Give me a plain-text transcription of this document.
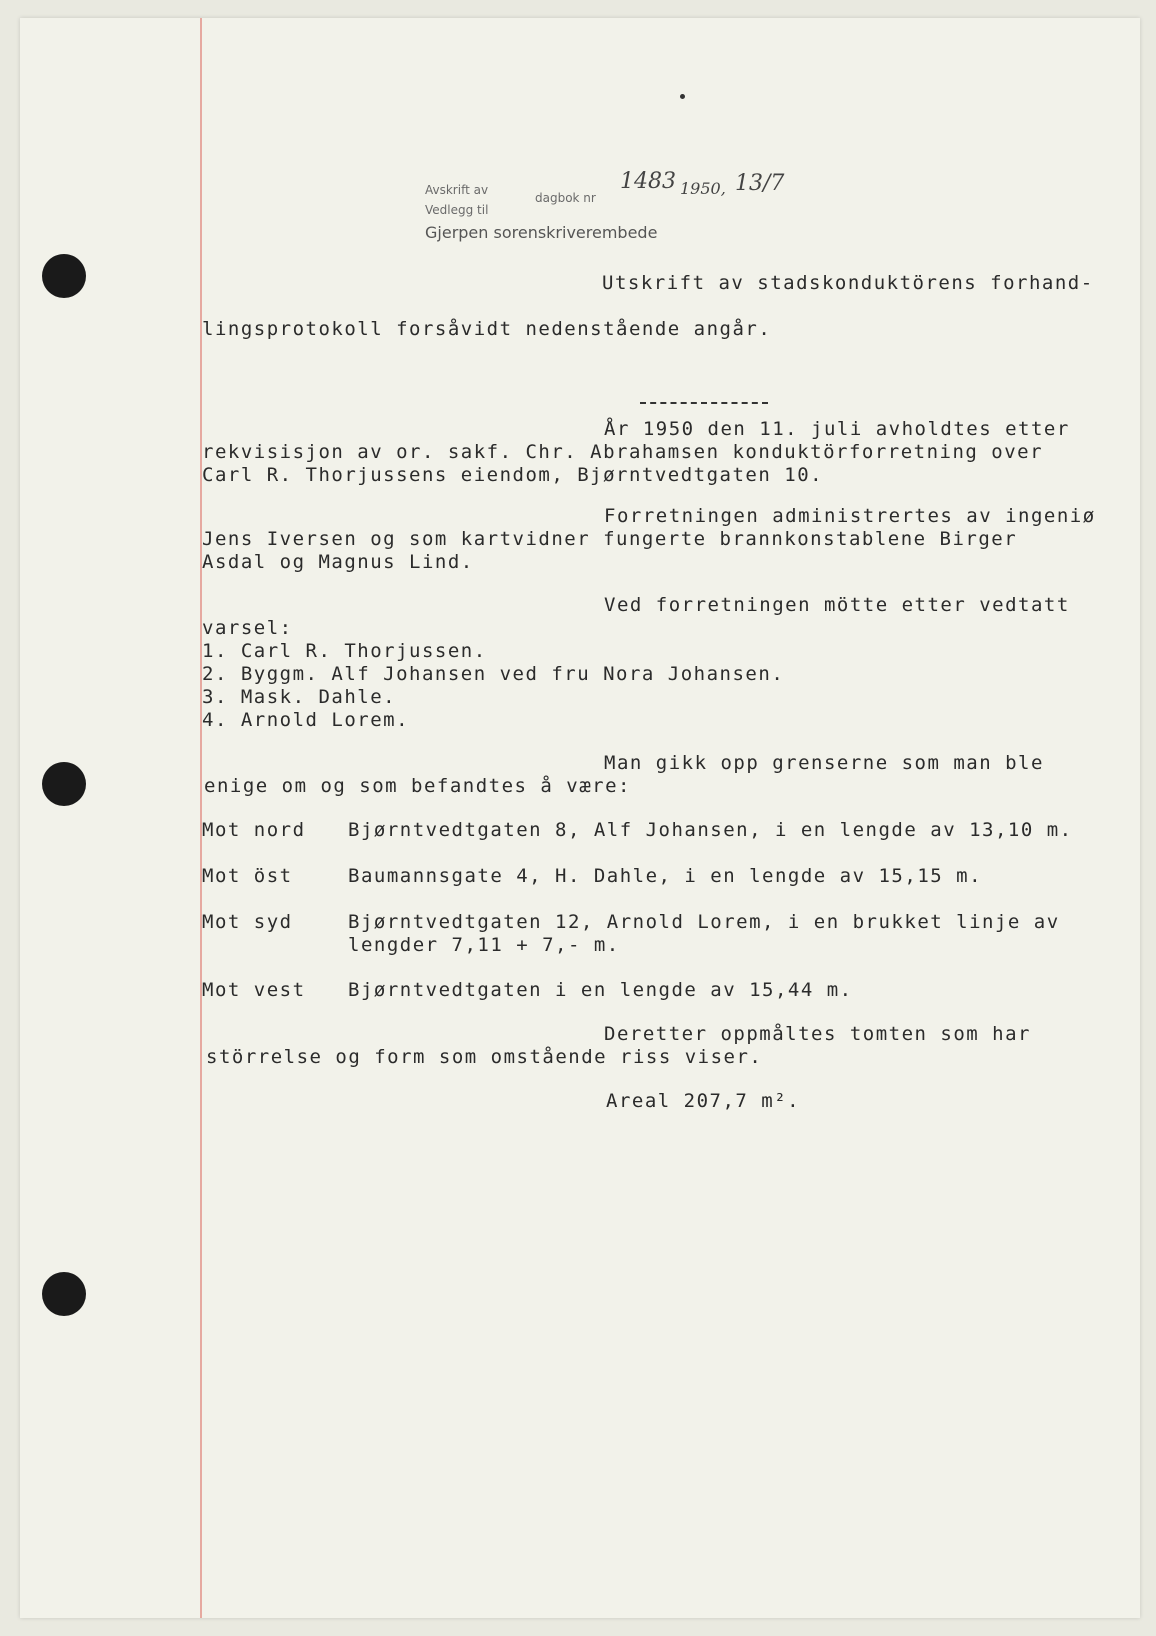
Avskrift av
Vedlegg til
dagbok nr
1483 1950, 13/7
Gjerpen sorenskriverembede
Utskrift av stadskonduktörens forhand-
lingsprotokoll forsåvidt nedenstående angår.
År 1950 den 11. juli avholdtes etter
rekvisisjon av or. sakf. Chr. Abrahamsen konduktörforretning over
Carl R. Thorjussens eiendom, Bjørntvedtgaten 10.
Forretningen administrertes av ingeniø
Jens Iversen og som kartvidner fungerte brannkonstablene Birger
Asdal og Magnus Lind.
Ved forretningen mötte etter vedtatt
varsel:
1. Carl R. Thorjussen.
2. Byggm. Alf Johansen ved fru Nora Johansen.
3. Mask. Dahle.
4. Arnold Lorem.
Man gikk opp grenserne som man ble
enige om og som befandtes å være:
Mot nord Bjørntvedtgaten 8, Alf Johansen, i en lengde av 13,10 m.
Mot öst	Baumannsgate 4, H. Dahle, i en lengde av 15,15 m.
Mot syd	Bjørntvedtgaten 12, Arnold Lorem, i en brukket linje av
lengder 7,11 + 7,- m.
Mot vest Bjørntvedtgaten i en lengde av 15,44 m.
Deretter oppmåltes tomten som har
störrelse og form som omstående riss viser.
Areal 207,7 m².
